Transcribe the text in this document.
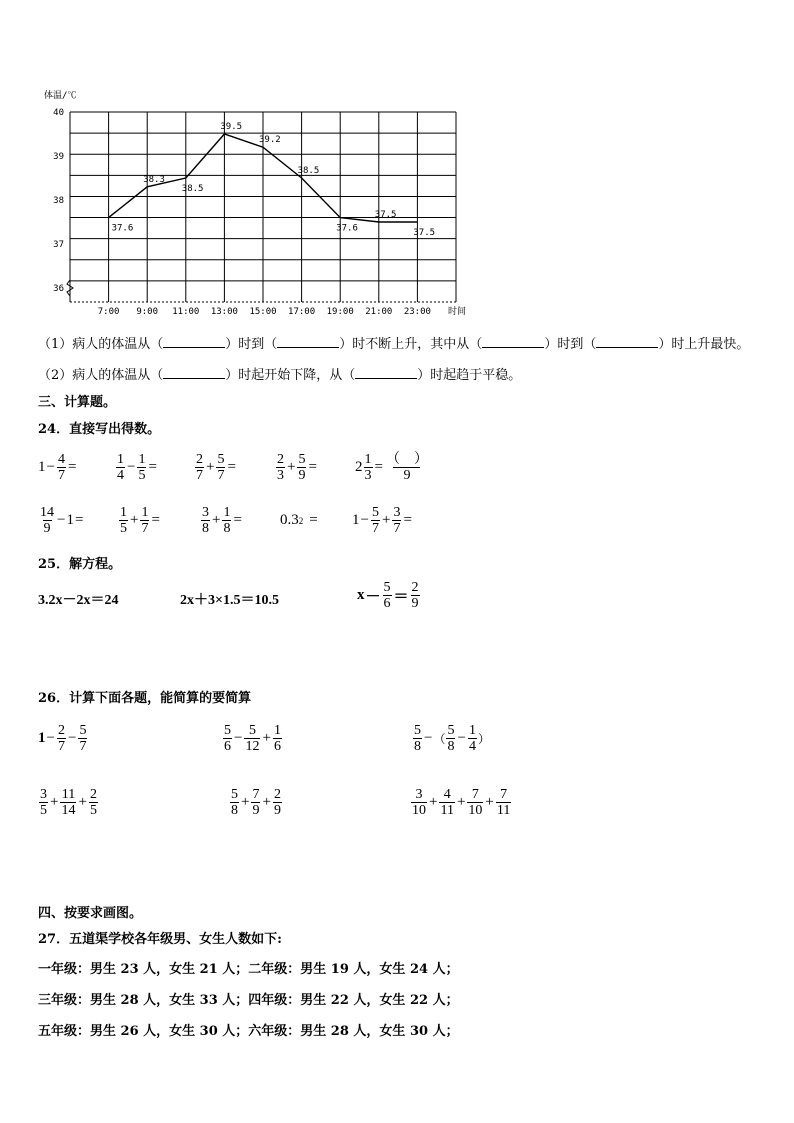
体温/℃
时间
40
39
38
37
36
7:00 9:00 11:00 13:00 15:00 17:00 19:00 21:00 23:00
37.6
38.3
38.5
39.5
39.2
38.5
37.6
37.5
37.5
（1）病人的体温从（	）时到（	）时不断上升，其中从（	）时到（	）时上升最快。
（2）病人的体温从（	）时起开始下降，从（	）时起趋于平稳。
三、计算题。
24．直接写出得数。
$1 - \frac{4}{7}$ =	$\frac{1}{4} - \frac{1}{5}$ =	$\frac{2}{7} + \frac{5}{7}$ =	$\frac{2}{3} + \frac{5}{9}$ =	$2 \frac{1}{3} = \frac{( )}{9}$
$\frac{14}{9} - 1$ =	$\frac{1}{5} + \frac{1}{7}$ =	$\frac{3}{8} + \frac{1}{8}$ =	0.3 $2 = 1 - \frac{5}{7} + \frac{3}{7}$ =
25．解方程。
3.2x－2x＝24	2x＋3×1.5＝10.5	$x - \frac{5}{6} = \frac{2}{9}$
26．计算下面各题，能简算的要简算
$1 - \frac{2}{7} - \frac{5}{7}$	$\frac{5}{6} - \frac{5}{12} + \frac{1}{6}$	$\frac{5}{8}$ − （ $\frac{5}{8} - \frac{1}{4}$ ）
$\frac{3}{5} + \frac{11}{14} + \frac{2}{5}$	$\frac{5}{8} + \frac{7}{9} + \frac{2}{9}$	$\frac{3}{10} + \frac{4}{11} + \frac{7}{10} + \frac{7}{11}$
四、按要求画图。
27．五道渠学校各年级男、女生人数如下:
一年级：男生 23 人，女生 21 人；二年级：男生 19 人，女生 24 人；
三年级：男生 28 人，女生 33 人；四年级：男生 22 人，女生 22 人；
五年级：男生 26 人，女生 30 人；六年级：男生 28 人，女生 30 人；
